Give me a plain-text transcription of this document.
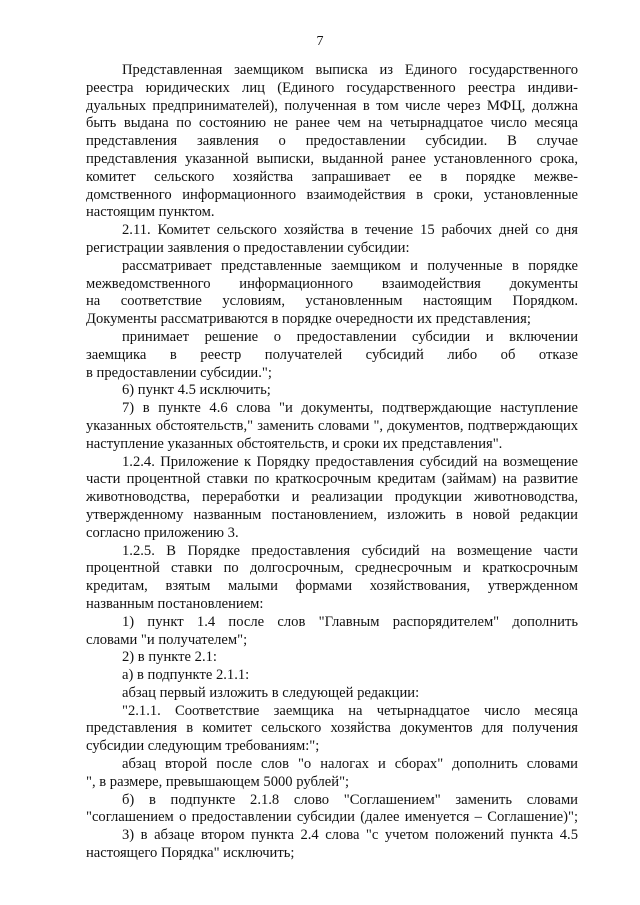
7

Представленная заемщиком выписка из Единого государственного

реестра юридических лиц (Единого государственного реестра индиви-

дуальных предпринимателей), полученная в том числе через МФЦ, должна

быть выдана по состоянию не ранее чем на четырнадцатое число месяца

представления заявления о предоставлении субсидии. В случае

представления указанной выписки, выданной ранее установленного срока,

комитет сельского хозяйства запрашивает ее в порядке межве-

домственного информационного взаимодействия в сроки, установленные

настоящим пунктом.

2.11. Комитет сельского хозяйства в течение 15 рабочих дней со дня

регистрации заявления о предоставлении субсидии:

рассматривает представленные заемщиком и полученные в порядке

межведомственного информационного взаимодействия документы

на соответствие условиям, установленным настоящим Порядком.

Документы рассматриваются в порядке очередности их представления;

принимает решение о предоставлении субсидии и включении

заемщика в реестр получателей субсидий либо об отказе

в предоставлении субсидии.";

6) пункт 4.5 исключить;

7) в пункте 4.6 слова "и документы, подтверждающие наступление

указанных обстоятельств," заменить словами ", документов, подтверждающих

наступление указанных обстоятельств, и сроки их представления".

1.2.4. Приложение к Порядку предоставления субсидий на возмещение

части процентной ставки по краткосрочным кредитам (займам) на развитие

животноводства, переработки и реализации продукции животноводства,

утвержденному названным постановлением, изложить в новой редакции

согласно приложению 3.

1.2.5. В Порядке предоставления субсидий на возмещение части

процентной ставки по долгосрочным, среднесрочным и краткосрочным

кредитам, взятым малыми формами хозяйствования, утвержденном

названным постановлением:

1) пункт 1.4 после слов "Главным распорядителем" дополнить

словами "и получателем";

2) в пункте 2.1:

а) в подпункте 2.1.1:

абзац первый изложить в следующей редакции:

"2.1.1. Соответствие заемщика на четырнадцатое число месяца

представления в комитет сельского хозяйства документов для получения

субсидии следующим требованиям:";

абзац второй после слов "о налогах и сборах" дополнить словами

", в размере, превышающем 5000 рублей";

б) в подпункте 2.1.8 слово "Соглашением" заменить словами

"соглашением о предоставлении субсидии (далее именуется – Соглашение)";

3) в абзаце втором пункта 2.4 слова "с учетом положений пункта 4.5

настоящего Порядка" исключить;
